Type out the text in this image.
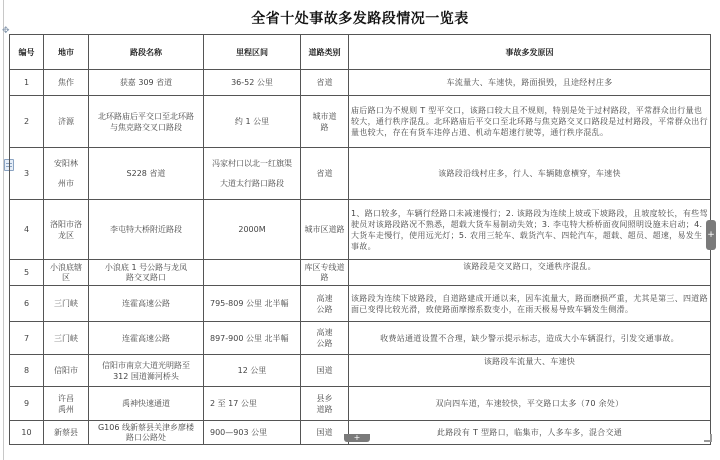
全省十处事故多发路段情况一览表
✥
编号	地市	路段名称	里程区间	道路类别	事故多发原因
1	焦作	获嘉 309 省道	36-52 公里	省道	车流量大、车速快，路面损毁，且途经村庄多
2	济源	北环路庙后平交口至北环路与焦克路交叉口路段	约 1 公里	城市道路	庙后路口为不规则 T 型平交口，该路口较大且不规则，特别是处于过村路段，平常群众出行量也较大，通行秩序混乱。北环路庙后平交口至北环路与焦克路交叉口路段是过村路段，平常群众出行量也较大，存在有货车违停占道、机动车超速行驶等，通行秩序混乱。
3	安阳林州市	S228 省道	冯家村口以北一红旗渠大道太行路口路段	省道	该路段沿线村庄多，行人、车辆随意横穿，车速快
4	洛阳市洛龙区	李屯特大桥附近路段	2000M	城市区道路	1、路口较多，车辆行经路口未减速慢行；2. 该路段为连续上坡或下坡路段，且坡度较长，有些驾驶员对该路段路况不熟悉，超载大货车易制动失效；3. 李屯特大桥桥面夜间照明设施未启动；4. 大货车走慢行，使用远光灯；5. 农用三轮车、载货汽车、四轮汽车，超载、超员、超速，易发生事故。
5	小浪底辖区	小浪底 1 号公路与龙凤路交叉路口		库区专线道路	该路段是交叉路口，交通秩序混乱。
6	三门峡	连霍高速公路	795-809 公里 北半幅	高速公路	该路段为连续下坡路段，自道路建成开通以来，因车流量大，路面磨损严重，尤其是第三、四道路面已变得比较光滑，致使路面摩擦系数变小，在雨天极易导致车辆发生侧滑。
7	三门峡	连霍高速公路	897-900 公里 北半幅	高速公路	收费站通道设置不合理，缺少警示提示标志，造成大小车辆混行，引发交通事故。
8	信阳市	信阳市南京大道光明路至 312 国道浉河桥头	12 公里	国道	该路段车流量大、车速快
9	许昌禹州	禹神快速通道	2 至 17 公里	县乡道路	双向四车道，车速较快，平交路口太多（70 余处）
10	新蔡县	G106 线新蔡县关津乡廖楼路口公路处	900—903 公里	国道	此路段有 T 型路口，临集市，人多车多，混合交通
+
+
